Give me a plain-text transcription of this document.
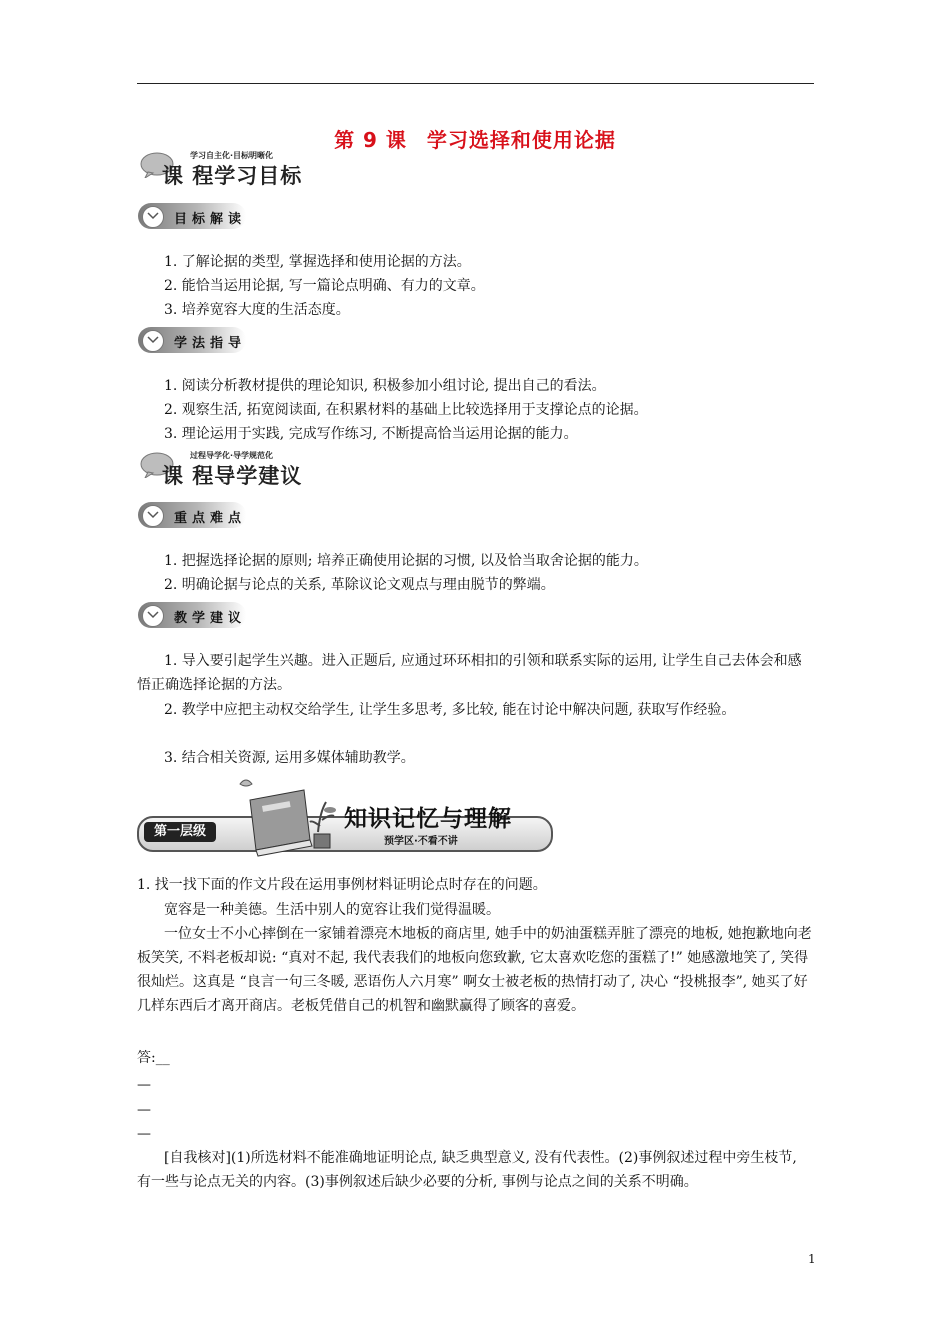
第 9 课 学习选择和使用论据
学习自主化·目标明晰化
课 程学习目标
目标解读
1. 了解论据的类型, 掌握选择和使用论据的方法。
2. 能恰当运用论据, 写一篇论点明确、有力的文章。
3. 培养宽容大度的生活态度。
学法指导
1. 阅读分析教材提供的理论知识, 积极参加小组讨论, 提出自己的看法。
2. 观察生活, 拓宽阅读面, 在积累材料的基础上比较选择用于支撑论点的论据。
3. 理论运用于实践, 完成写作练习, 不断提高恰当运用论据的能力。
过程导学化·导学规范化
课 程导学建议
重点难点
1. 把握选择论据的原则; 培养正确使用论据的习惯, 以及恰当取舍论据的能力。
2. 明确论据与论点的关系, 革除议论文观点与理由脱节的弊端。
教学建议
1. 导入要引起学生兴趣。进入正题后, 应通过环环相扣的引领和联系实际的运用, 让学生自己去体会和感悟正确选择论据的方法。
2. 教学中应把主动权交给学生, 让学生多思考, 多比较, 能在讨论中解决问题, 获取写作经验。
3. 结合相关资源, 运用多媒体辅助教学。
第一层级	知识记忆与理解
预学区·不看不讲
1. 找一找下面的作文片段在运用事例材料证明论点时存在的问题。
宽容是一种美德。生活中别人的宽容让我们觉得温暖。
一位女士不小心摔倒在一家铺着漂亮木地板的商店里, 她手中的奶油蛋糕弄脏了漂亮的地板, 她抱歉地向老板笑笑, 不料老板却说: “真对不起, 我代表我们的地板向您致歉, 它太喜欢吃您的蛋糕了!” 她感激地笑了, 笑得很灿烂。这真是 “良言一句三冬暖, 恶语伤人六月寒” 啊女士被老板的热情打动了, 决心 “投桃报李”, 她买了好几样东西后才离开商店。老板凭借自己的机智和幽默赢得了顾客的喜爱。
答:__
—
—
—
[自我核对](1)所选材料不能准确地证明论点, 缺乏典型意义, 没有代表性。(2)事例叙述过程中旁生枝节, 有一些与论点无关的内容。(3)事例叙述后缺少必要的分析, 事例与论点之间的关系不明确。
1
